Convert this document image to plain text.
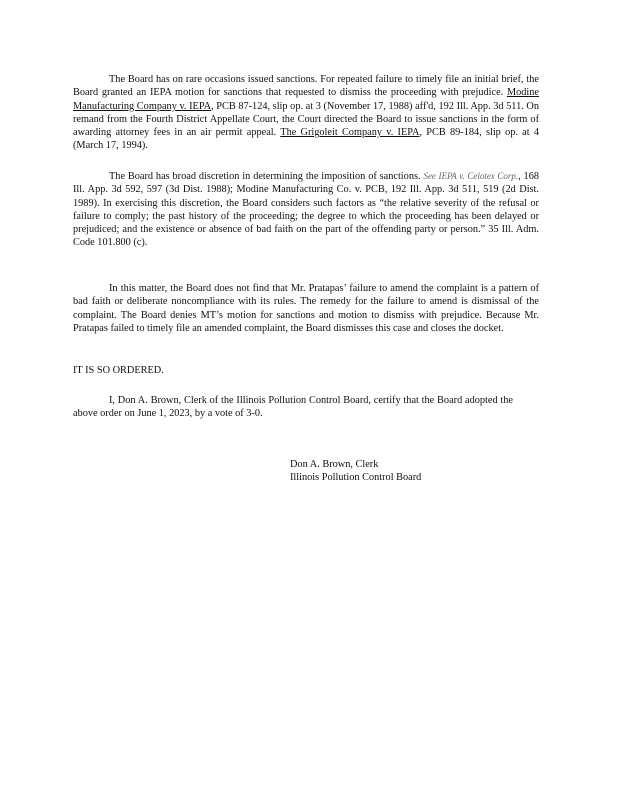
The Board has on rare occasions issued sanctions. For repeated failure to timely file an initial brief, the Board granted an IEPA motion for sanctions that requested to dismiss the proceeding with prejudice. Modine Manufacturing Company v. IEPA, PCB 87-124, slip op. at 3 (November 17, 1988) aff'd, 192 Ill. App. 3d 511. On remand from the Fourth District Appellate Court, the Court directed the Board to issue sanctions in the form of awarding attorney fees in an air permit appeal. The Grigoleit Company v. IEPA, PCB 89-184, slip op. at 4 (March 17, 1994).

The Board has broad discretion in determining the imposition of sanctions. See IEPA v. Celotex Corp., 168 Ill. App. 3d 592, 597 (3d Dist. 1988); Modine Manufacturing Co. v. PCB, 192 Ill. App. 3d 511, 519 (2d Dist. 1989). In exercising this discretion, the Board considers such factors as “the relative severity of the refusal or failure to comply; the past history of the proceeding; the degree to which the proceeding has been delayed or prejudiced; and the existence or absence of bad faith on the part of the offending party or person.” 35 Ill. Adm. Code 101.800 (c).

In this matter, the Board does not find that Mr. Pratapas’ failure to amend the complaint is a pattern of bad faith or deliberate noncompliance with its rules. The remedy for the failure to amend is dismissal of the complaint. The Board denies MT’s motion for sanctions and motion to dismiss with prejudice. Because Mr. Pratapas failed to timely file an amended complaint, the Board dismisses this case and closes the docket.

IT IS SO ORDERED.

I, Don A. Brown, Clerk of the Illinois Pollution Control Board, certify that the Board adopted the above order on June 1, 2023, by a vote of 3-0.

Don A. Brown, Clerk
Illinois Pollution Control Board
